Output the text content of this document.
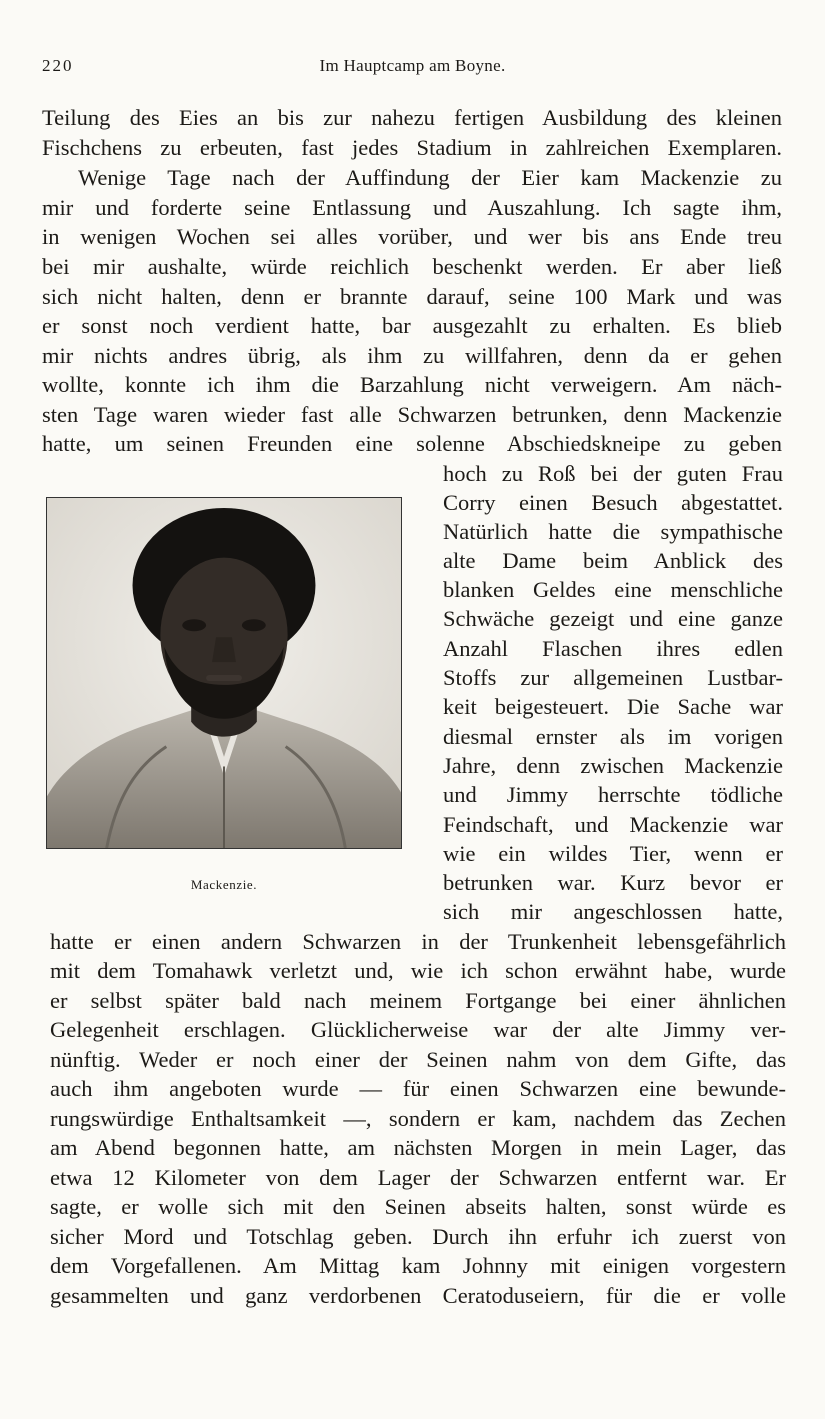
220	Im Hauptcamp am Boyne.
Teilung des Eies an bis zur nahezu fertigen Ausbildung des kleinen
Fischchens zu erbeuten, fast jedes Stadium in zahlreichen Exemplaren.
Wenige Tage nach der Auffindung der Eier kam Mackenzie zu
mir und forderte seine Entlassung und Auszahlung. Ich sagte ihm,
in wenigen Wochen sei alles vorüber, und wer bis ans Ende treu
bei mir aushalte, würde reichlich beschenkt werden. Er aber ließ
sich nicht halten, denn er brannte darauf, seine 100 Mark und was
er sonst noch verdient hatte, bar ausgezahlt zu erhalten. Es blieb
mir nichts andres übrig, als ihm zu willfahren, denn da er gehen
wollte, konnte ich ihm die Barzahlung nicht verweigern. Am näch-
sten Tage waren wieder fast alle Schwarzen betrunken, denn Mackenzie
hatte, um seinen Freunden eine solenne Abschiedskneipe zu geben
hoch zu Roß bei der guten Frau
Corry einen Besuch abgestattet.
Natürlich hatte die sympathische
alte Dame beim Anblick des
blanken Geldes eine menschliche
Schwäche gezeigt und eine ganze
Anzahl Flaschen ihres edlen
Stoffs zur allgemeinen Lustbar-
keit beigesteuert. Die Sache war
diesmal ernster als im vorigen
Jahre, denn zwischen Mackenzie
und Jimmy herrschte tödliche
Feindschaft, und Mackenzie war
wie ein wildes Tier, wenn er
betrunken war. Kurz bevor er
sich mir angeschlossen hatte,
hatte er einen andern Schwarzen in der Trunkenheit lebensgefährlich
mit dem Tomahawk verletzt und, wie ich schon erwähnt habe, wurde
er selbst später bald nach meinem Fortgange bei einer ähnlichen
Gelegenheit erschlagen. Glücklicherweise war der alte Jimmy ver-
nünftig. Weder er noch einer der Seinen nahm von dem Gifte, das
auch ihm angeboten wurde — für einen Schwarzen eine bewunde-
rungswürdige Enthaltsamkeit —, sondern er kam, nachdem das Zechen
am Abend begonnen hatte, am nächsten Morgen in mein Lager, das
etwa 12 Kilometer von dem Lager der Schwarzen entfernt war. Er
sagte, er wolle sich mit den Seinen abseits halten, sonst würde es
sicher Mord und Totschlag geben. Durch ihn erfuhr ich zuerst von
dem Vorgefallenen. Am Mittag kam Johnny mit einigen vorgestern
gesammelten und ganz verdorbenen Ceratoduseiern, für die er volle
Mackenzie.
